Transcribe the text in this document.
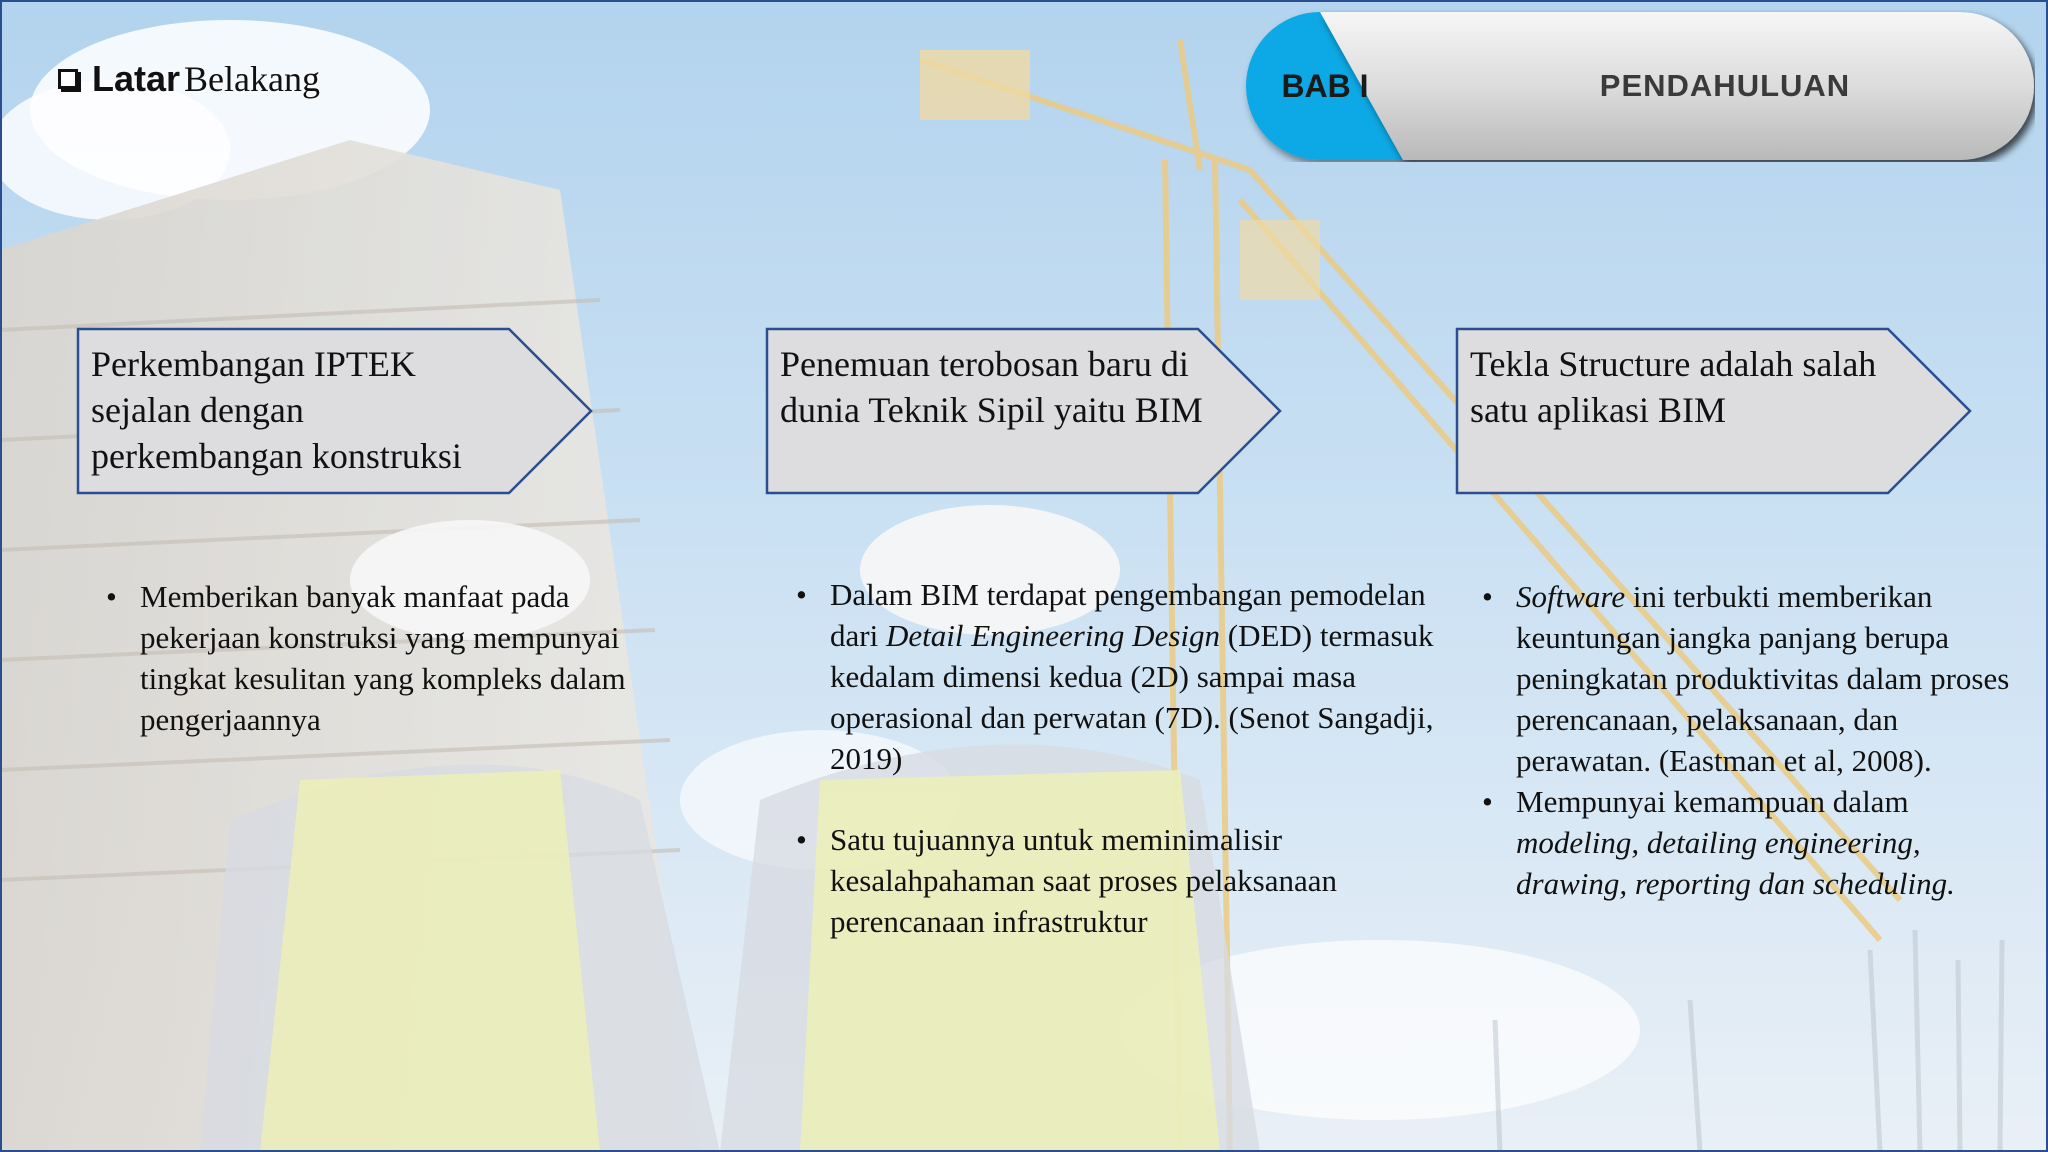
Latar Belakang	BAB I	PENDAHULUAN
Perkembangan IPTEK sejalan dengan perkembangan konstruksi
Penemuan terobosan baru di dunia Teknik Sipil yaitu BIM
Tekla Structure adalah salah satu aplikasi BIM
• Memberikan banyak manfaat pada pekerjaan konstruksi yang mempunyai tingkat kesulitan yang kompleks dalam pengerjaannya
• Dalam BIM terdapat pengembangan pemodelan dari Detail Engineering Design (DED) termasuk kedalam dimensi kedua (2D) sampai masa operasional dan perwatan (7D). (Senot Sangadji, 2019)
• Satu tujuannya untuk meminimalisir kesalahpahaman saat proses pelaksanaan perencanaan infrastruktur
• Software ini terbukti memberikan keuntungan jangka panjang berupa peningkatan produktivitas dalam proses perencanaan, pelaksanaan, dan perawatan. (Eastman et al, 2008).
• Mempunyai kemampuan dalam modeling, detailing engineering, drawing, reporting dan scheduling.
